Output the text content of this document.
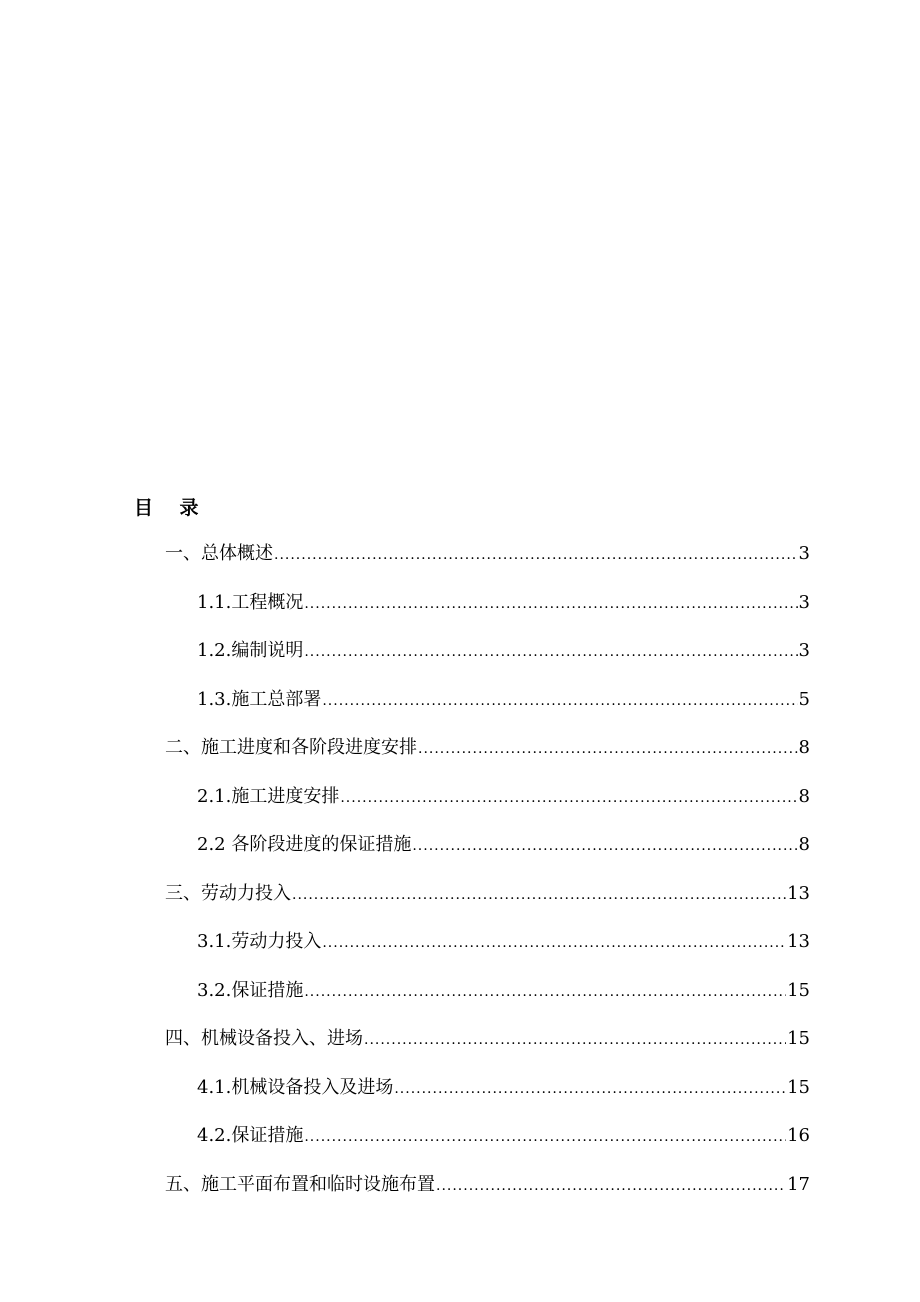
目    录
一、总体概述 .....	3
1.1.工程概况 .....	3
1.2.编制说明 .....	3
1.3.施工总部署 .....	5
二、施工进度和各阶段进度安排 .....	8
2.1.施工进度安排 .....	8
2.2 各阶段进度的保证措施 .....	8
三、劳动力投入 .....	13
3.1.劳动力投入 .....	13
3.2.保证措施 .....	15
四、机械设备投入、进场 .....	15
4.1.机械设备投入及进场 .....	15
4.2.保证措施 .....	16
五、施工平面布置和临时设施布置 .....	17
